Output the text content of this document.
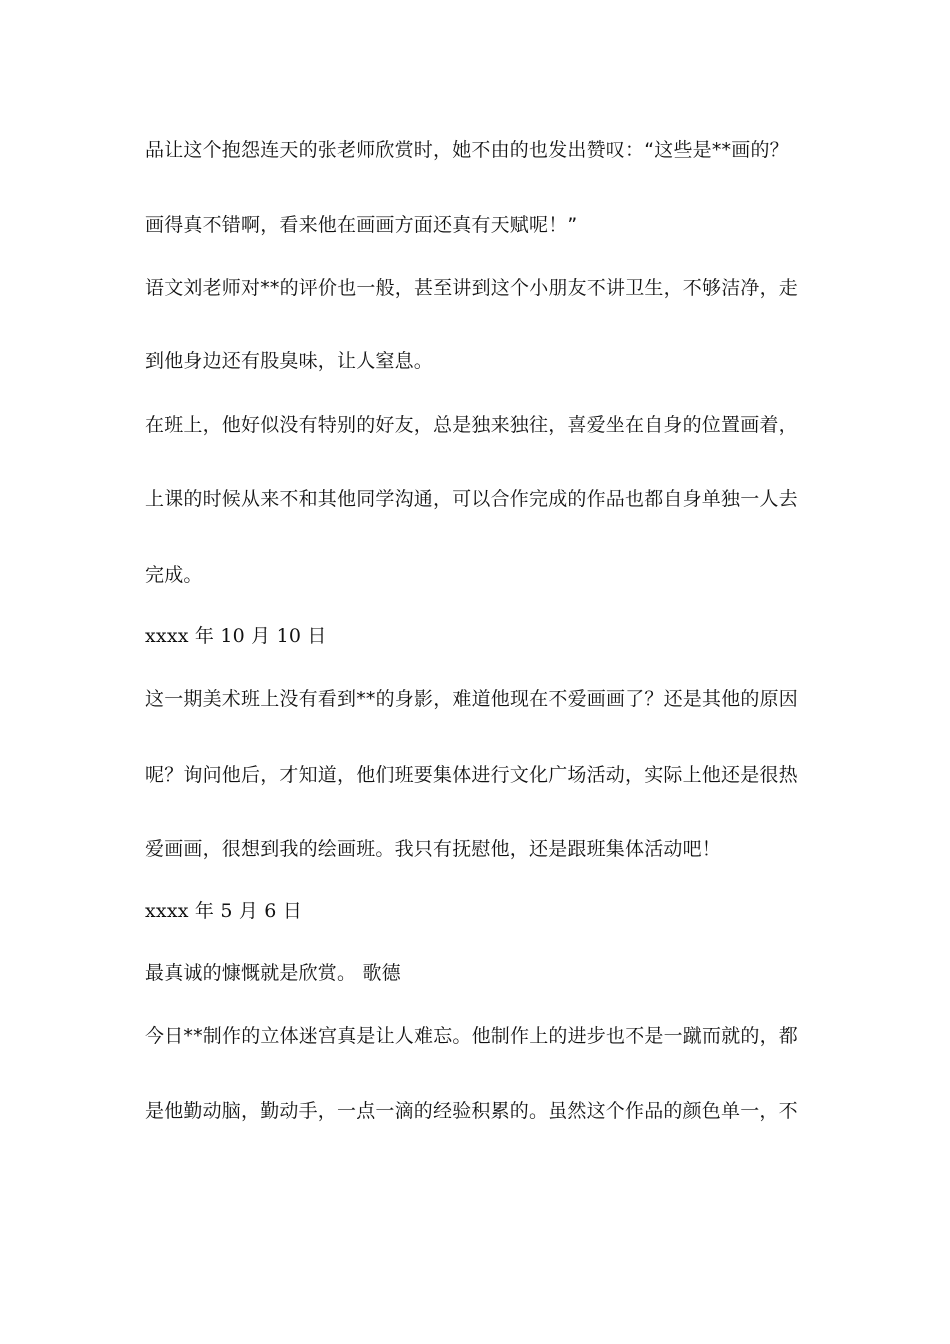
品让这个抱怨连天的张老师欣赏时，她不由的也发出赞叹：“这些是**画的？
画得真不错啊，看来他在画画方面还真有天赋呢！”
语文刘老师对**的评价也一般，甚至讲到这个小朋友不讲卫生，不够洁净，走
到他身边还有股臭味，让人窒息。
在班上，他好似没有特别的好友，总是独来独往，喜爱坐在自身的位置画着，
上课的时候从来不和其他同学沟通，可以合作完成的作品也都自身单独一人去
完成。
xxxx 年 10 月 10 日
这一期美术班上没有看到**的身影，难道他现在不爱画画了？还是其他的原因
呢？询问他后，才知道，他们班要集体进行文化广场活动，实际上他还是很热
爱画画，很想到我的绘画班。我只有抚慰他，还是跟班集体活动吧！
xxxx 年 5 月 6 日
最真诚的慷慨就是欣赏。 歌德
今日**制作的立体迷宫真是让人难忘。他制作上的进步也不是一蹴而就的，都
是他勤动脑，勤动手，一点一滴的经验积累的。虽然这个作品的颜色单一，不
